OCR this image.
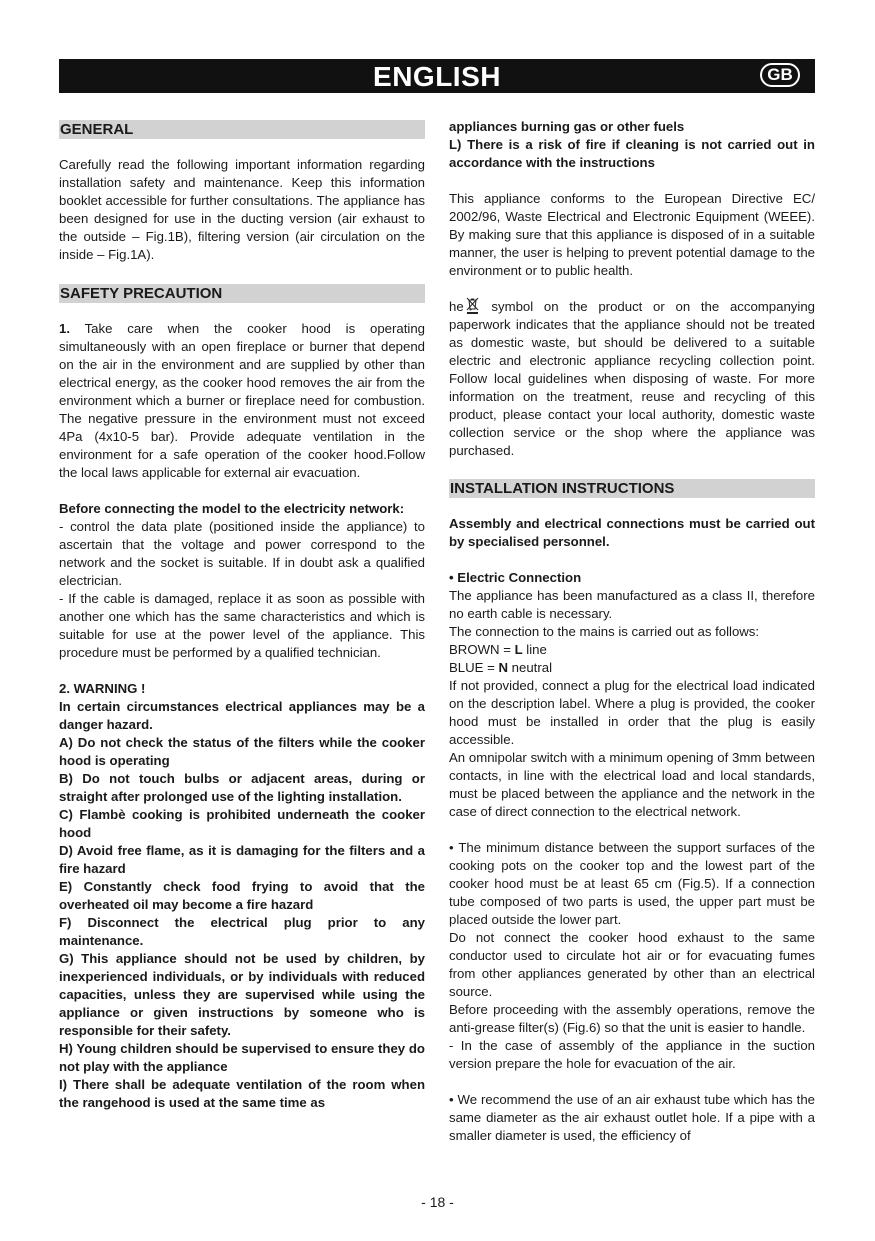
ENGLISH	GB
GENERAL

Carefully read the following important information regarding installation safety and maintenance. Keep this information booklet accessible for further consultations. The appliance has been designed for use in the ducting version (air exhaust to the outside – Fig.1B), filtering version (air circulation on the inside – Fig.1A).

SAFETY PRECAUTION

1. Take care when the cooker hood is operating simultaneously with an open fireplace or burner that depend on the air in the environment and are supplied by other than electrical energy, as the cooker hood removes the air from the environment which a burner or fireplace need for combustion. The negative pressure in the environment must not exceed 4Pa (4x10-5 bar). Provide adequate ventilation in the environment for a safe operation of the cooker hood.Follow the local laws applicable for external air evacuation.

Before connecting the model to the electricity network:

- control the data plate (positioned inside the appliance) to ascertain that the voltage and power correspond to the network and the socket is suitable. If in doubt ask a qualified electrician.

- If the cable is damaged, replace it as soon as possible with another one which has the same characteristics and which is suitable for use at the power level of the appliance. This procedure must be performed by a qualified technician.

2. WARNING !

In certain circumstances electrical appliances may be a danger hazard.

A) Do not check the status of the filters while the cooker hood is operating

B) Do not touch bulbs or adjacent areas, during or straight after prolonged use of the lighting installation.

C) Flambè cooking is prohibited underneath the cooker hood

D) Avoid free flame, as it is damaging for the filters and a fire hazard

E) Constantly check food frying to avoid that the overheated oil may become a fire hazard

F) Disconnect the electrical plug prior to any maintenance.

G) This appliance should not be used by children, by inexperienced individuals, or by individuals with reduced capacities, unless they are supervised while using the appliance or given instructions by someone who is responsible for their safety.

H) Young children should be supervised to ensure they do not play with the appliance

I) There shall be adequate ventilation of the room when the rangehood is used at the same time as

appliances burning gas or other fuels

L) There is a risk of fire if cleaning is not carried out in accordance with the instructions

This appliance conforms to the European Directive EC/ 2002/96, Waste Electrical and Electronic Equipment (WEEE). By making sure that this appliance is disposed of in a suitable manner, the user is helping to prevent potential damage to the environment or to public health.

he symbol on the product or on the accompanying paperwork indicates that the appliance should not be treated as domestic waste, but should be delivered to a suitable electric and electronic appliance recycling collection point. Follow local guidelines when disposing of waste. For more information on the treatment, reuse and recycling of this product, please contact your local authority, domestic waste collection service or the shop where the appliance was purchased.

INSTALLATION INSTRUCTIONS

Assembly and electrical connections must be carried out by specialised personnel.

• Electric Connection

The appliance has been manufactured as a class II, therefore no earth cable is necessary.

The connection to the mains is carried out as follows:

BROWN = L line

BLUE = N neutral

If not provided, connect a plug for the electrical load indicated on the description label. Where a plug is provided, the cooker hood must be installed in order that the plug is easily accessible.

An omnipolar switch with a minimum opening of 3mm between contacts, in line with the electrical load and local standards, must be placed between the appliance and the network in the case of direct connection to the electrical network.

• The minimum distance between the support surfaces of the cooking pots on the cooker top and the lowest part of the cooker hood must be at least 65 cm (Fig.5). If a connection tube composed of two parts is used, the upper part must be placed outside the lower part.

Do not connect the cooker hood exhaust to the same conductor used to circulate hot air or for evacuating fumes from other appliances generated by other than an electrical source.

Before proceeding with the assembly operations, remove the anti-grease filter(s) (Fig.6) so that the unit is easier to handle.

- In the case of assembly of the appliance in the suction version prepare the hole for evacuation of the air.

• We recommend the use of an air exhaust tube which has the same diameter as the air exhaust outlet hole. If a pipe with a smaller diameter is used, the efficiency of

- 18 -
